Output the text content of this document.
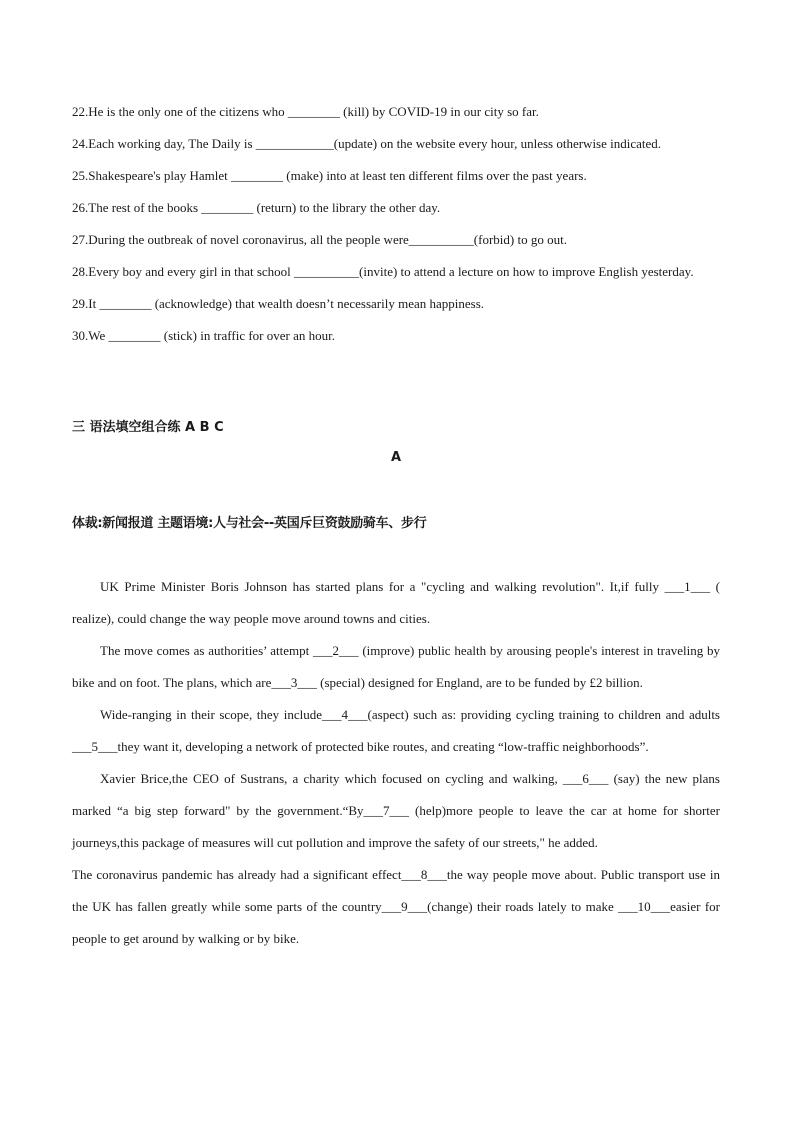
22.He is the only one of the citizens who ________ (kill) by COVID-19 in our city so far.

24.Each working day, The Daily is ____________(update) on the website every hour, unless otherwise indicated.

25.Shakespeare's play Hamlet ________ (make) into at least ten different films over the past years.

26.The rest of the books ________ (return) to the library the other day.

27.During the outbreak of novel coronavirus, all the people were__________(forbid) to go out.

28.Every boy and every girl in that school __________(invite) to attend a lecture on how to improve English yesterday.

29.It ________ (acknowledge) that wealth doesn’t necessarily mean happiness.

30.We ________ (stick) in traffic for over an hour.

三 语法填空组合练 A B C

A
体裁:新闻报道 主题语境:人与社会--英国斥巨资鼓励骑车、步行

UK Prime Minister Boris Johnson has started plans for a "cycling and walking revolution". It,if fully ___1___ ( realize), could change the way people move around towns and cities.

The move comes as authorities’ attempt ___2___ (improve) public health by arousing people's interest in traveling by bike and on foot. The plans, which are___3___ (special) designed for England, are to be funded by £2 billion.

Wide-ranging in their scope, they include___4___(aspect) such as: providing cycling training to children and adults ___5___they want it, developing a network of protected bike routes, and creating “low-traffic neighborhoods”.

Xavier Brice,the CEO of Sustrans, a charity which focused on cycling and walking, ___6___ (say) the new plans marked “a big step forward" by the government.“By___7___ (help)more people to leave the car at home for shorter journeys,this package of measures will cut pollution and improve the safety of our streets," he added.

The coronavirus pandemic has already had a significant effect___8___the way people move about. Public transport use in the UK has fallen greatly while some parts of the country___9___(change) their roads lately to make ___10___easier for people to get around by walking or by bike.
